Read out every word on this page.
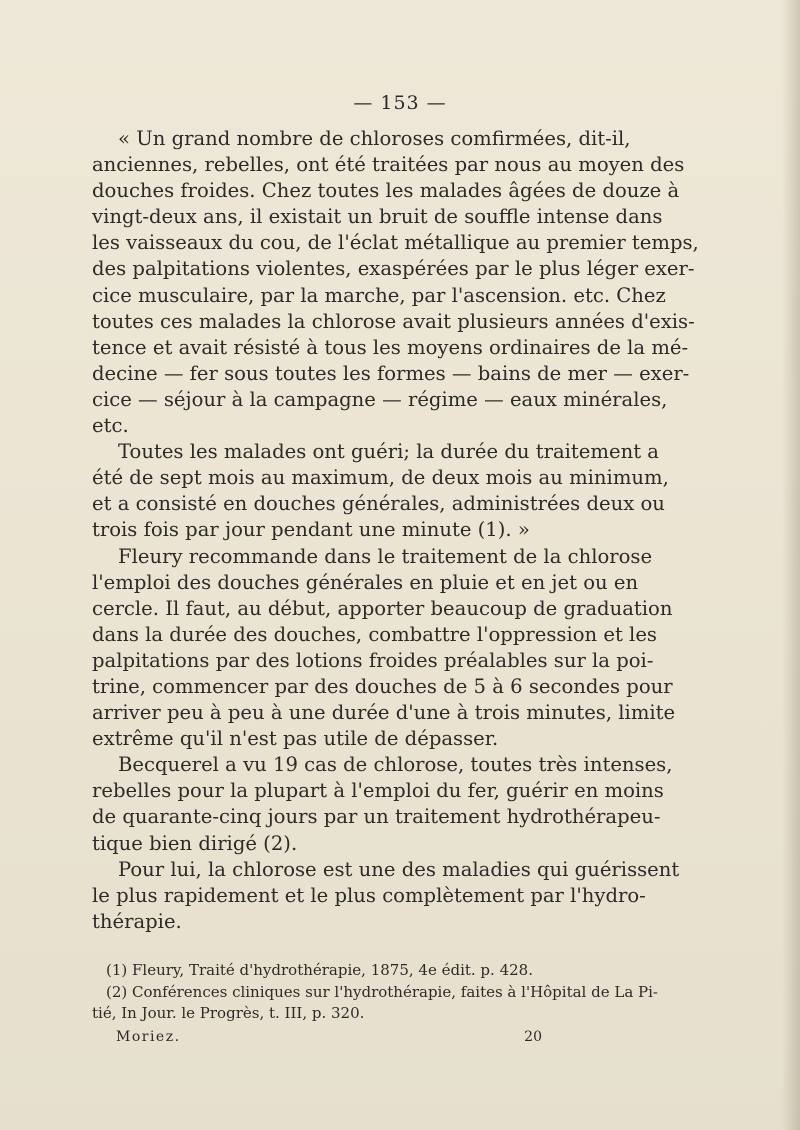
— 153 —
« Un grand nombre de chloroses comfirmées, dit-il,
anciennes, rebelles, ont été traitées par nous au moyen des
douches froides. Chez toutes les malades âgées de douze à
vingt-deux ans, il existait un bruit de souffle intense dans
les vaisseaux du cou, de l'éclat métallique au premier temps,
des palpitations violentes, exaspérées par le plus léger exer-
cice musculaire, par la marche, par l'ascension. etc. Chez
toutes ces malades la chlorose avait plusieurs années d'exis-
tence et avait résisté à tous les moyens ordinaires de la mé-
decine — fer sous toutes les formes — bains de mer — exer-
cice — séjour à la campagne — régime — eaux minérales,
etc.
Toutes les malades ont guéri; la durée du traitement a
été de sept mois au maximum, de deux mois au minimum,
et a consisté en douches générales, administrées deux ou
trois fois par jour pendant une minute (1). »
Fleury recommande dans le traitement de la chlorose
l'emploi des douches générales en pluie et en jet ou en
cercle. Il faut, au début, apporter beaucoup de graduation
dans la durée des douches, combattre l'oppression et les
palpitations par des lotions froides préalables sur la poi-
trine, commencer par des douches de 5 à 6 secondes pour
arriver peu à peu à une durée d'une à trois minutes, limite
extrême qu'il n'est pas utile de dépasser.
Becquerel a vu 19 cas de chlorose, toutes très intenses,
rebelles pour la plupart à l'emploi du fer, guérir en moins
de quarante-cinq jours par un traitement hydrothérapeu-
tique bien dirigé (2).
Pour lui, la chlorose est une des maladies qui guérissent
le plus rapidement et le plus complètement par l'hydro-
thérapie.
(1) Fleury, Traité d'hydrothérapie, 1875, 4e édit. p. 428.
(2) Conférences cliniques sur l'hydrothérapie, faites à l'Hôpital de La Pi-
tié, In Jour. le Progrès, t. III, p. 320.
Moriez.	20
